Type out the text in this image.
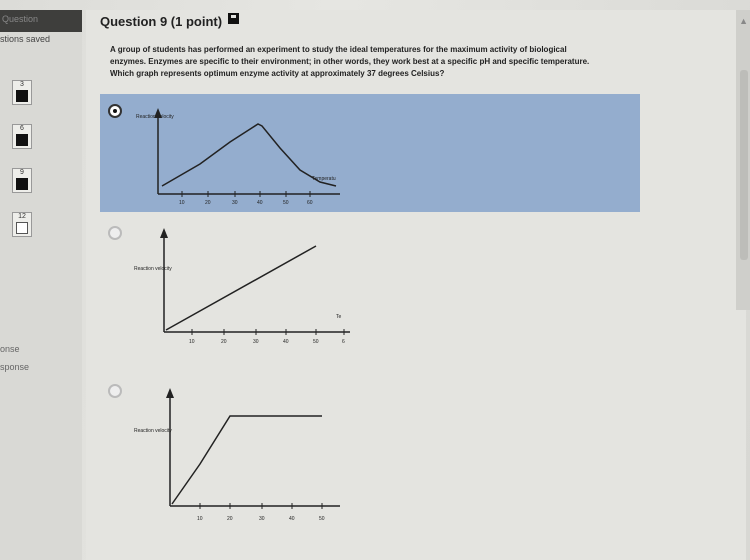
Question
stions saved
3
6
9
12
onse
sponse
Question 9 (1 point)
A group of students has performed an experiment to study the ideal temperatures for the maximum activity of biological enzymes. Enzymes are specific to their environment; in other words, they work best at a specific pH and specific temperature. Which graph represents optimum enzyme activity at approximately 37 degrees Celsius?
▲
Reaction velocity
Temperatu
10	20	30	40	50	60
Reaction velocity
Te
10	20	30	40	50	6
Reaction velocity
10	20	30	40	50
